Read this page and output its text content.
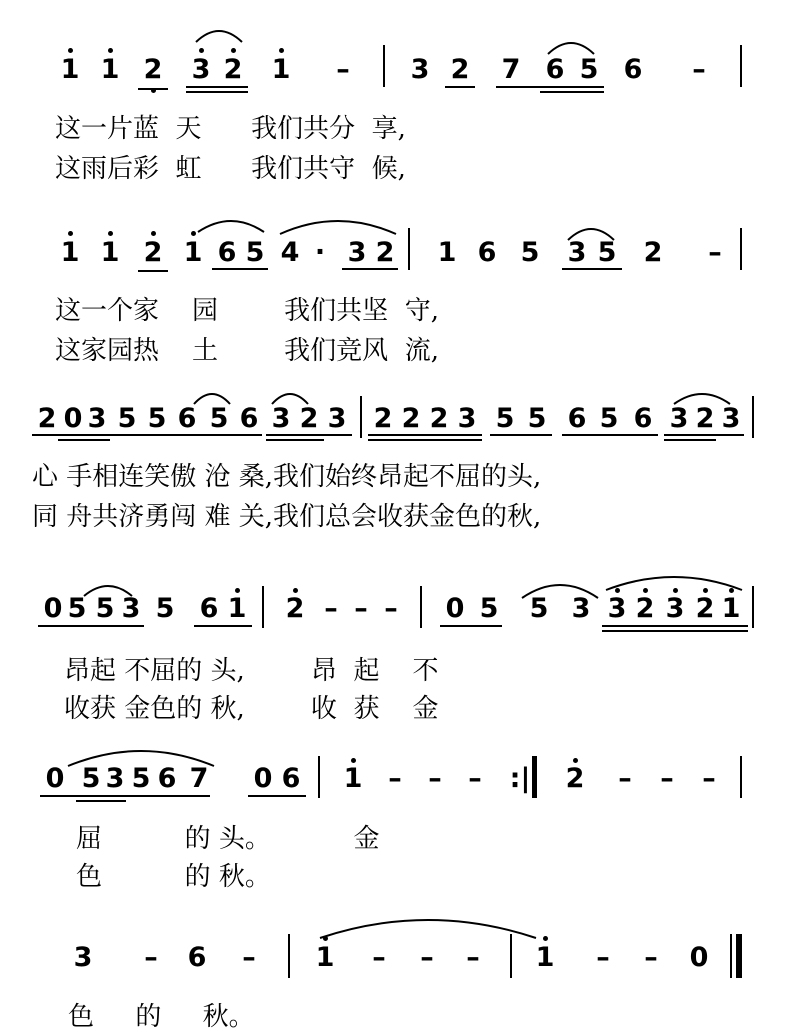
1 1 2 3 2 1	–	3 2 7 6 5 6	–
这一片蓝  天      我们共分  享,
这雨后彩  虹      我们共守  候,
1 1 2 1 6 5 4 · 3 2 1 6 5 3 5 2	–
这一个家    园        我们共坚  守,
这家园热    土        我们竞风  流,
2 0 3 5 5 6 5 6 3 2 3 2 2 2 3 5 5 6 5 6 3 2 3
心 手相连笑傲 沧 桑,我们始终昂起不屈的头,
同 舟共济勇闯 难 关,我们总会收获金色的秋,
0 5 5 3 5 6 1 2 – – –	0 5 5 3 3 2 3 2 1
昂起 不屈的 头,        昂  起    不
收获 金色的 秋,        收  获    金
0 5 3 5 6 7 0 6 1 – – –	2	–	–	–
:|
屈          的 头。          金
色          的 秋。
3	–	6	–	1	–	–	–	1	–	–	0
色     的     秋。
